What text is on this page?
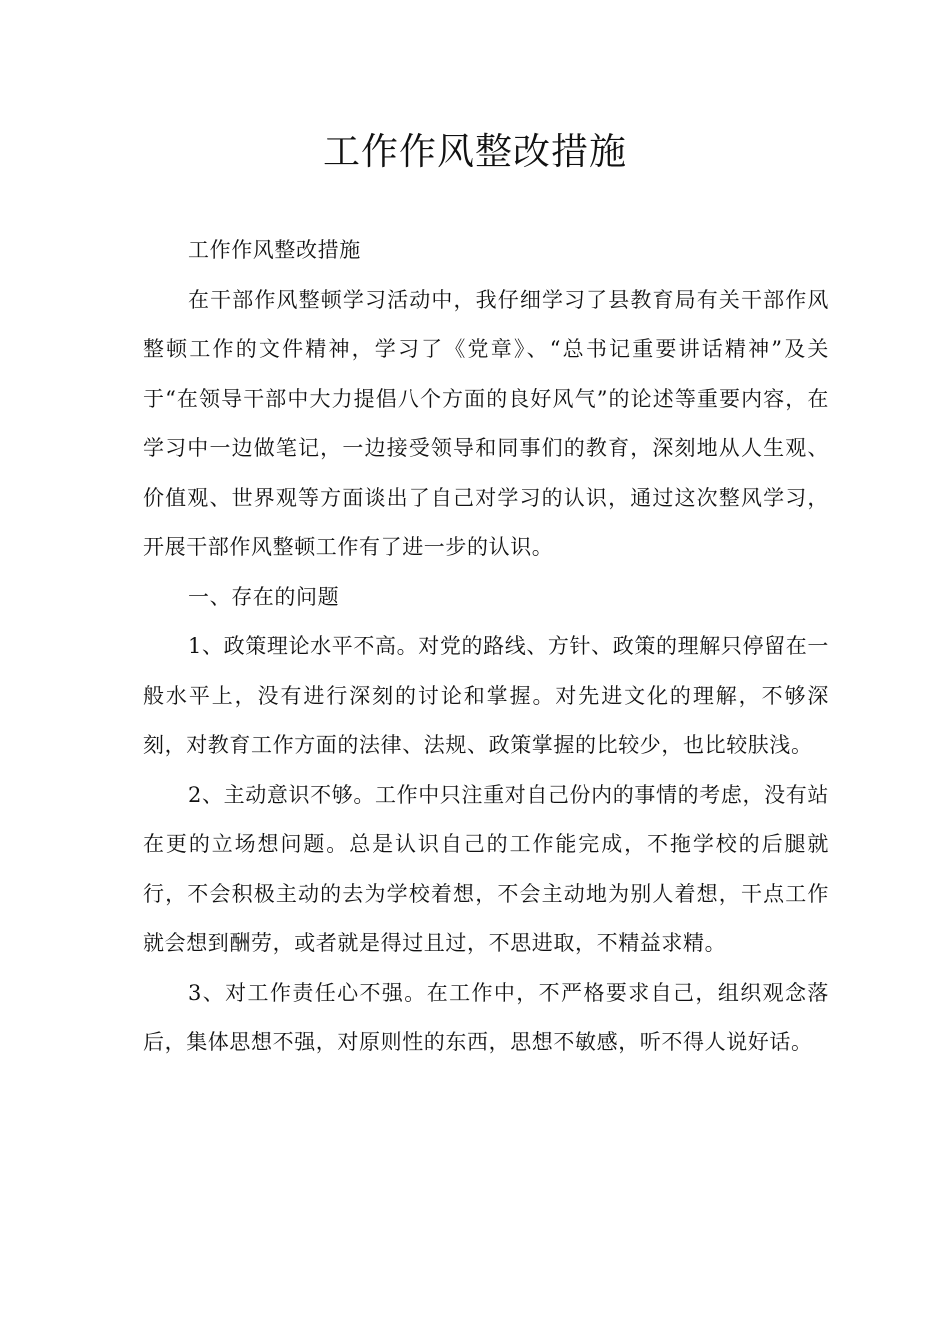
工作作风整改措施

工作作风整改措施

在干部作风整顿学习活动中，我仔细学习了县教育局有关干部作风整顿工作的文件精神，学习了《党章》、“总书记重要讲话精神”及关于“在领导干部中大力提倡八个方面的良好风气”的论述等重要内容，在学习中一边做笔记，一边接受领导和同事们的教育，深刻地从人生观、价值观、世界观等方面谈出了自己对学习的认识，通过这次整风学习，开展干部作风整顿工作有了进一步的认识。

一、存在的问题

1、政策理论水平不高。对党的路线、方针、政策的理解只停留在一般水平上，没有进行深刻的讨论和掌握。对先进文化的理解，不够深刻，对教育工作方面的法律、法规、政策掌握的比较少，也比较肤浅。

2、主动意识不够。工作中只注重对自己份内的事情的考虑，没有站在更的立场想问题。总是认识自己的工作能完成，不拖学校的后腿就行，不会积极主动的去为学校着想，不会主动地为别人着想，干点工作就会想到酬劳，或者就是得过且过，不思进取，不精益求精。

3、对工作责任心不强。在工作中，不严格要求自己，组织观念落后，集体思想不强，对原则性的东西，思想不敏感，听不得人说好话。
